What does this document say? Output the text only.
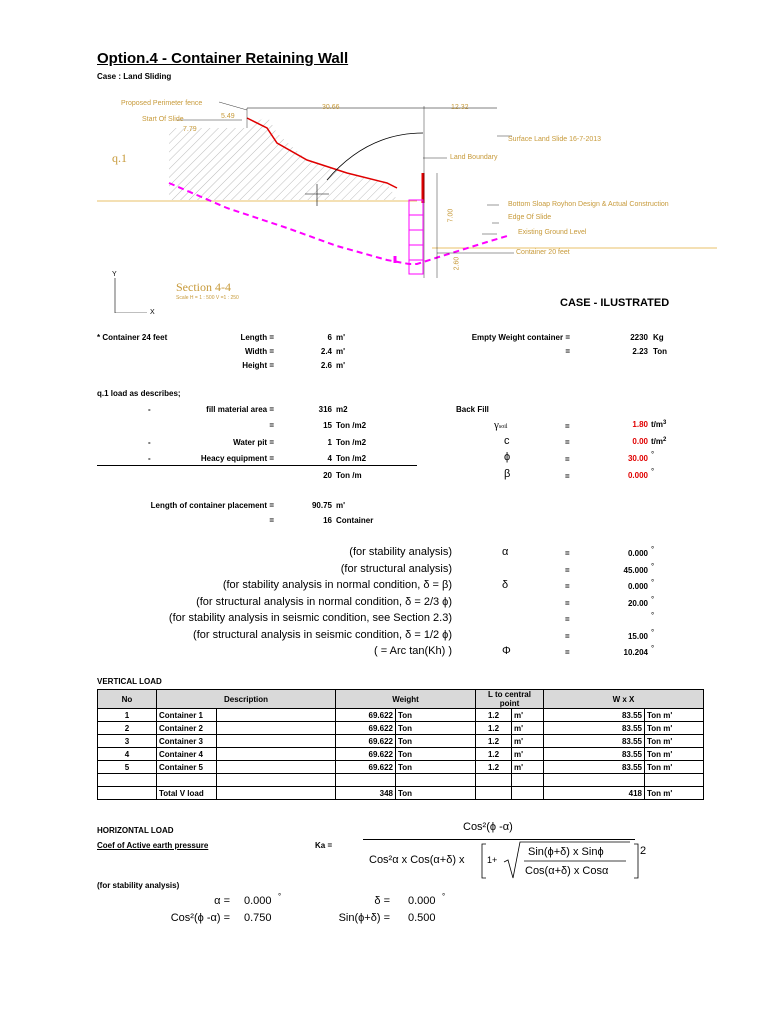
Option.4 - Container Retaining Wall
Case : Land Sliding
Proposed Perimeter fence
Start Of Slide	5.49
7.79
30.66	12.32
Surface Land Slide 16-7-2013
Land Boundary
Bottom Sloap Royhon Design & Actual Construction
Edge Of Slide
Existing Ground Level
Container 20 feet
q.1
Section 4-4
Scale H = 1 : 500 V =1 : 250
7.00
2.60
Y
X
CASE - ILUSTRATED
* Container 24 feet	Length =	6 m'
Width =	2.4 m'
Height =	2.6 m'
Empty Weight container =	2230 Kg
=	2.23 Ton
q.1 load as describes;
-	fill material area =	316 m2
=	15 Ton /m2
-	Water pit =	1 Ton /m2
-	Heacy equipment =	4 Ton /m2
20 Ton /m
Back Fill
γsoil	=	1.80 $t/m^3$
c	=	0.00 $t/m^2$
ϕ	=	30.00 °
β	=	0.000 °
Length of container placement =	90.75 m'
=	16 Container
(for stability analysis)	α	=	0.000 °
(for structural analysis)	=	45.000 °
(for stability analysis in normal condition, δ = β)	δ	=	0.000 °
(for structural analysis in normal condition, δ = 2/3 ϕ)	=	20.00 °
(for stability analysis in seismic condition, see Section 2.3)	=	°
(for structural analysis in seismic condition, δ = 1/2 ϕ)	=	15.00 °
( = Arc tan(Kh) )	Φ	=	10.204 °
VERTICAL LOAD
No	Description		Weight		L to central point		W x X	
1	Container 1		69.622	Ton	1.2	m'	83.55	Ton m'
2	Container 2		69.622	Ton	1.2	m'	83.55	Ton m'
3	Container 3		69.622	Ton	1.2	m'	83.55	Ton m'
4	Container 4		69.622	Ton	1.2	m'	83.55	Ton m'
5	Container 5		69.622	Ton	1.2	m'	83.55	Ton m'

	Total V load		348	Ton			418	Ton m'
HORIZONTAL LOAD
Coef of Active earth pressure	Ka =
Cos²(ϕ -α)
Cos²α x Cos(α+δ) x 1+
Sin(ϕ+δ) x Sinϕ
Cos(α+δ) x Cosα
2
(for stability analysis)
α = 0.000 °	δ = 0.000 °
Cos²(ϕ -α) = 0.750	Sin(ϕ+δ) = 0.500
